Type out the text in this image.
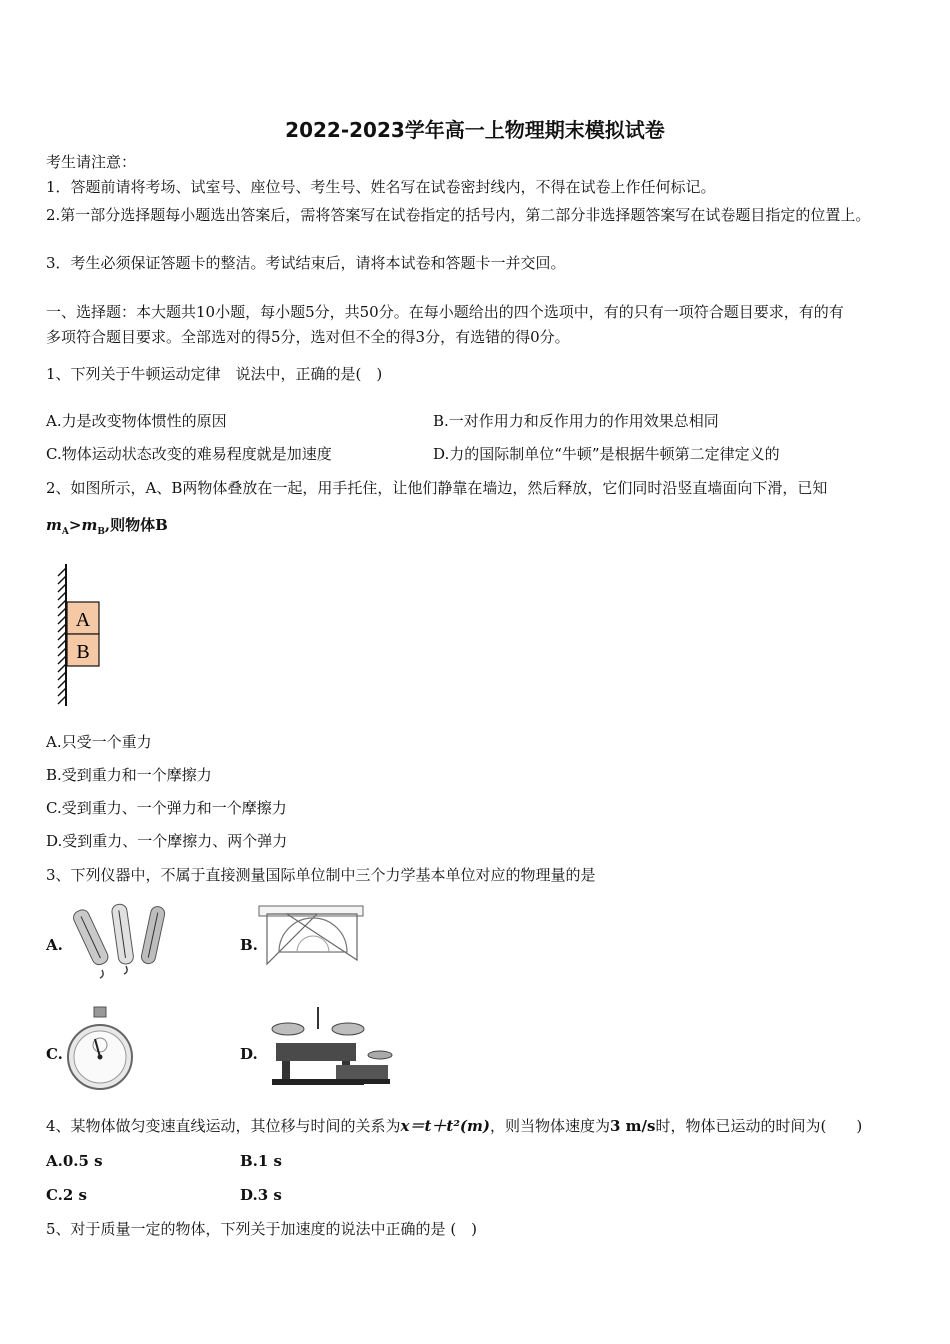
2022-2023学年高一上物理期末模拟试卷
考生请注意：
1．答题前请将考场、试室号、座位号、考生号、姓名写在试卷密封线内，不得在试卷上作任何标记。
2.第一部分选择题每小题选出答案后，需将答案写在试卷指定的括号内，第二部分非选择题答案写在试卷题目指定的位置上。
3．考生必须保证答题卡的整洁。考试结束后，请将本试卷和答题卡一并交回。
一、选择题：本大题共10小题，每小题5分，共50分。在每小题给出的四个选项中，有的只有一项符合题目要求，有的有
多项符合题目要求。全部选对的得5分，选对但不全的得3分，有选错的得0分。
1、下列关于牛顿运动定律　说法中，正确的是(　)
A.力是改变物体惯性的原因	B.一对作用力和反作用力的作用效果总相同
C.物体运动状态改变的难易程度就是加速度	D.力的国际制单位“牛顿”是根据牛顿第二定律定义的
2、如图所示，A、B两物体叠放在一起，用手托住，让他们静靠在墙边，然后释放，它们同时沿竖直墙面向下滑，已知
$m_A>m_B$,则物体B
A
B
A.只受一个重力
B.受到重力和一个摩擦力
C.受到重力、一个弹力和一个摩擦力
D.受到重力、一个摩擦力、两个弹力
3、下列仪器中，不属于直接测量国际单位制中三个力学基本单位对应的物理量的是
A.	B.
C.	D.
4、某物体做匀变速直线运动，其位移与时间的关系为x＝t＋t²(m)，则当物体速度为3 m/s时，物体已运动的时间为(　　)
A.0.5 s	B.1 s
C.2 s	D.3 s
5、对于质量一定的物体，下列关于加速度的说法中正确的是 (　)
